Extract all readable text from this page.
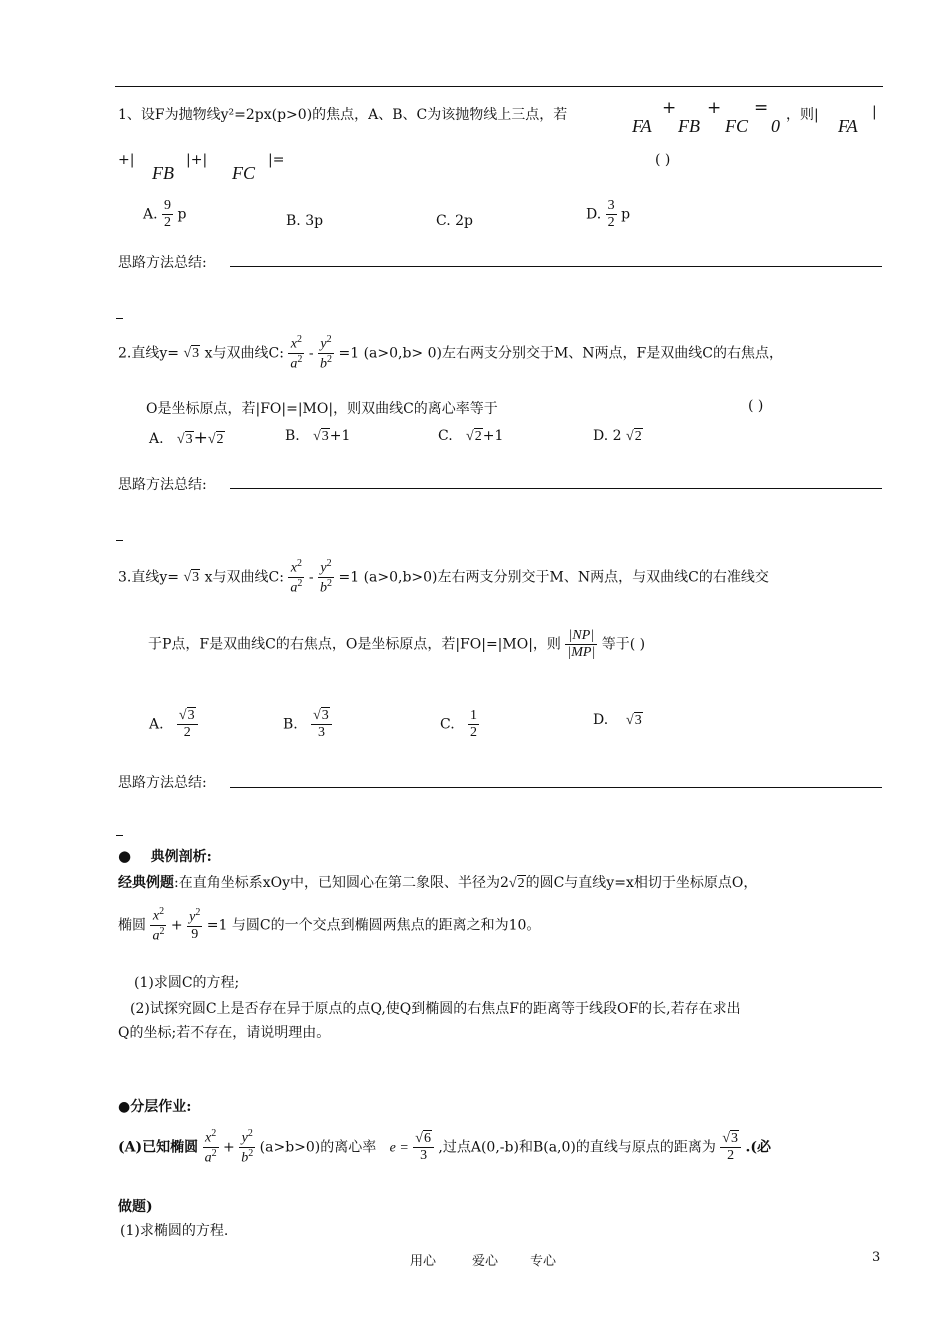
1、设F为抛物线y²=2px(p>0)的焦点，A、B、C为该抛物线上三点，若
FA
+
FB
+
FC
=
0
，则|
FA
|
+|
FB
|+|
FC
|=	( )
A. $\frac{9}{2}$ p	B. 3p	C. 2p	D. $\frac{3}{2}$ p
思路方法总结:
2.直线y= √3 x与双曲线C: $\frac{x^2}{a^2} - \frac{y^2}{b^2} =1$ (a>0,b> 0)左右两支分别交于M、N两点，F是双曲线C的右焦点，
O是坐标原点，若|FO|=|MO|，则双曲线C的离心率等于	( )
A. √3+√2	B. √3+1	C. √2+1	D. 2 √2
思路方法总结:
3.直线y= √3 x与双曲线C: $\frac{x^2}{a^2} - \frac{y^2}{b^2} =1$ (a>0,b>0)左右两支分别交于M、N两点，与双曲线C的右准线交
于P点，F是双曲线C的右焦点，O是坐标原点，若|FO|=|MO|，则 $\frac{|NP|}{|MP|}$ 等于( )
A. $\frac{√3}{2}$	B. $\frac{√3}{3}$	C. $\frac{1}{2}$	D. √3
思路方法总结:
● 典例剖析:
经典例题:在直角坐标系xOy中，已知圆心在第二象限、半径为2√2的圆C与直线y=x相切于坐标原点O，
椭圆 $\frac{x^2}{a^2} + \frac{y^2}{9} =1$ 与圆C的一个交点到椭圆两焦点的距离之和为10。
(1)求圆C的方程;
(2)试探究圆C上是否存在异于原点的点Q,使Q到椭圆的右焦点F的距离等于线段OF的长,若存在求出
Q的坐标;若不存在，请说明理由。
●分层作业:
(A)已知椭圆 $\frac{x^2}{a^2} + \frac{y^2}{b^2} (a>b>0)$的离心率 $e = \frac{√6}{3}$ ,过点A(0,-b)和B(a,0)的直线与原点的距离为 $\frac{√3}{2}$ .(必
做题)
(1)求椭圆的方程.
用心	爱心 专心	3
